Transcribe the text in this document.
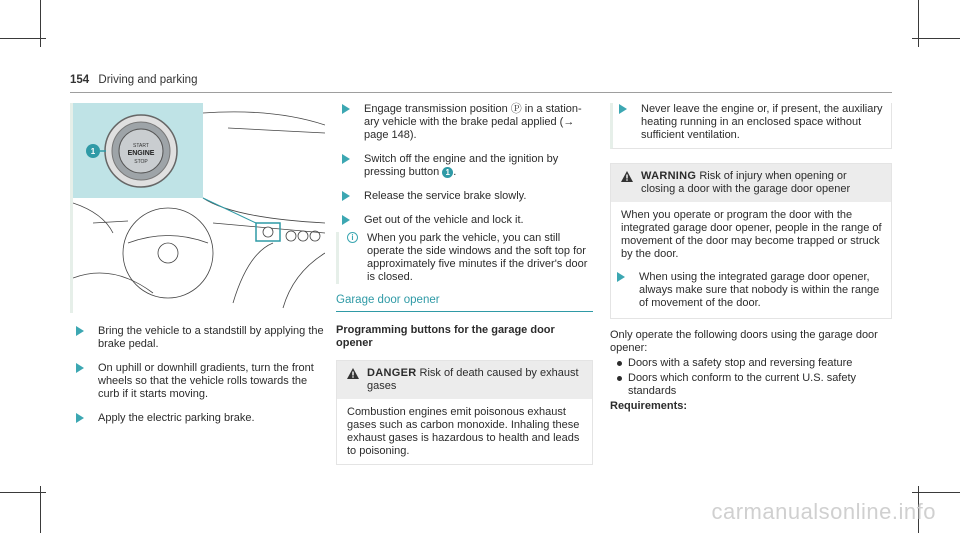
154 Driving and parking
1
START
ENGINE
STOP
Bring the vehicle to a standstill by applying the brake pedal.
On uphill or downhill gradients, turn the front wheels so that the vehicle rolls towards the curb if it starts moving.
Apply the electric parking brake.
Engage transmission position Ⓟ in a stationary vehicle with the brake pedal applied (→ page 148).
Switch off the engine and the ignition by pressing button 1 .
Release the service brake slowly.
Get out of the vehicle and lock it.
i	When you park the vehicle, you can still operate the side windows and the soft top for approximately five minutes if the driver's door is closed.
Garage door opener
Programming buttons for the garage door opener
DANGER Risk of death caused by exhaust gases
Combustion engines emit poisonous exhaust gases such as carbon monoxide. Inhaling these exhaust gases is hazardous to health and leads to poisoning.
Never leave the engine or, if present, the auxiliary heating running in an enclosed space without sufficient ventilation.
WARNING Risk of injury when opening or closing a door with the garage door opener
When you operate or program the door with the integrated garage door opener, people in the range of movement of the door may become trapped or struck by the door.
When using the integrated garage door opener, always make sure that nobody is within the range of movement of the door.
Only operate the following doors using the garage door opener:
Doors with a safety stop and reversing feature
Doors which conform to the current U.S. safety standards
Requirements:
carmanualsonline.info
